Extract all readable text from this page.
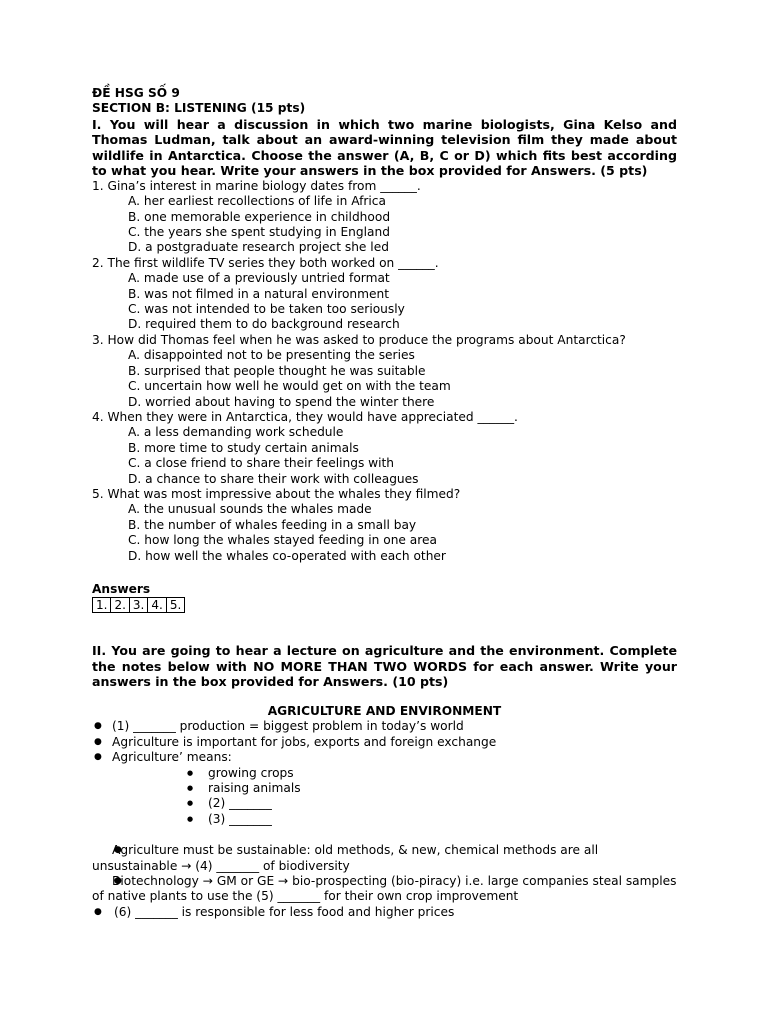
ĐỀ HSG SỐ 9
SECTION B: LISTENING (15 pts)
I. You will hear a discussion in which two marine biologists, Gina Kelso and Thomas Ludman, talk about an award-winning television film they made about wildlife in Antarctica. Choose the answer (A, B, C or D) which fits best according to what you hear. Write your answers in the box provided for Answers. (5 pts)
1. Gina’s interest in marine biology dates from ______.
A. her earliest recollections of life in Africa
B. one memorable experience in childhood
C. the years she spent studying in England
D. a postgraduate research project she led
2. The first wildlife TV series they both worked on ______.
A. made use of a previously untried format
B. was not filmed in a natural environment
C. was not intended to be taken too seriously
D. required them to do background research
3. How did Thomas feel when he was asked to produce the programs about Antarctica?
A. disappointed not to be presenting the series
B. surprised that people thought he was suitable
C. uncertain how well he would get on with the team
D. worried about having to spend the winter there
4. When they were in Antarctica, they would have appreciated ______.
A. a less demanding work schedule
B. more time to study certain animals
C. a close friend to share their feelings with
D. a chance to share their work with colleagues
5. What was most impressive about the whales they filmed?
A. the unusual sounds the whales made
B. the number of whales feeding in a small bay
C. how long the whales stayed feeding in one area
D. how well the whales co-operated with each other
Answers
1.	2.	3.	4.	5.
II. You are going to hear a lecture on agriculture and the environment. Complete the notes below with NO MORE THAN TWO WORDS for each answer. Write your answers in the box provided for Answers. (10 pts)
AGRICULTURE AND ENVIRONMENT
● (1) _______ production = biggest problem in today’s world
● Agriculture is important for jobs, exports and foreign exchange
● Agriculture’ means:
● growing crops
● raising animals
● (2) _______
● (3) _______
● Agriculture must be sustainable: old methods, & new, chemical methods are all unsustainable → (4) _______ of biodiversity
● Biotechnology → GM or GE → bio-prospecting (bio-piracy) i.e. large companies steal samples of native plants to use the (5) _______ for their own crop improvement
● (6) _______ is responsible for less food and higher prices
